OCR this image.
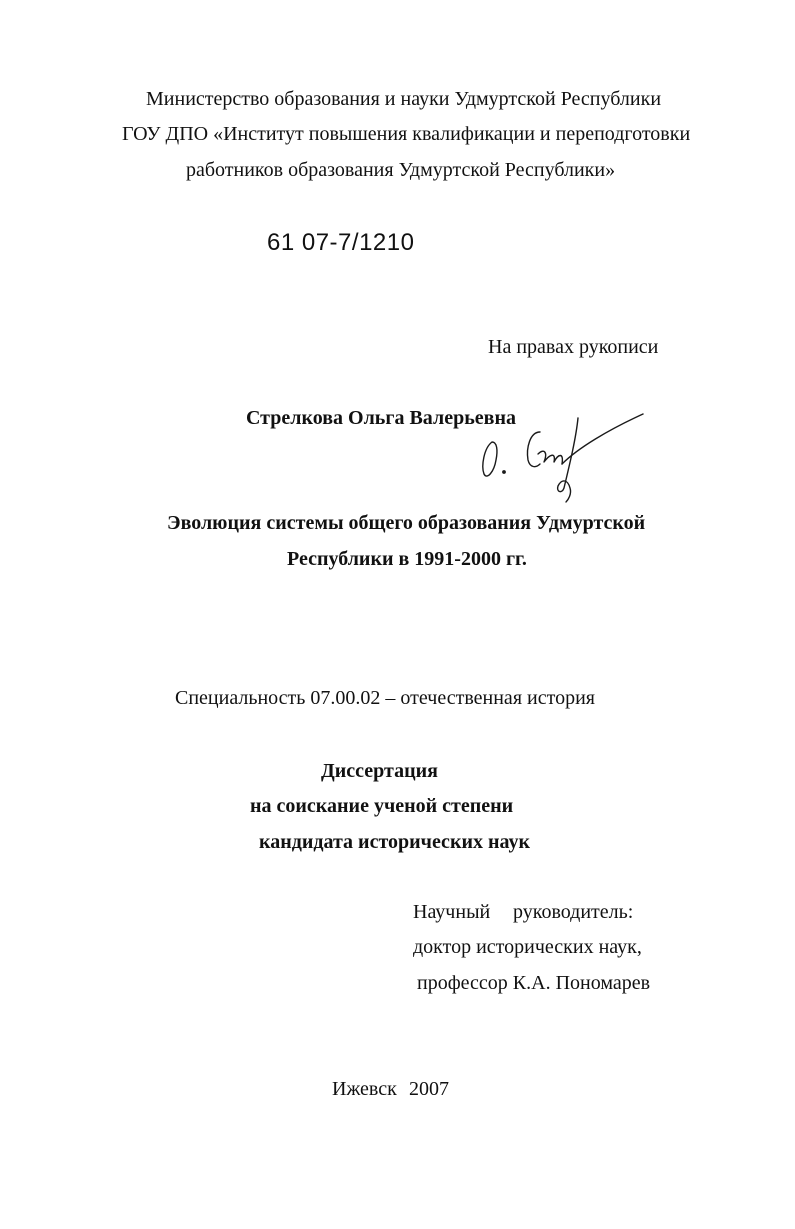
Министерство образования и науки Удмуртской Республики
ГОУ ДПО «Институт повышения квалификации и переподготовки
работников образования Удмуртской Республики»
61 07-7/1210
На правах рукописи
Стрелкова Ольга Валерьевна
Эволюция системы общего образования Удмуртской
Республики в 1991-2000 гг.
Специальность 07.00.02 – отечественная история
Диссертация
на соискание ученой степени
кандидата исторических наук
Научный руководитель:
доктор исторических наук,
профессор К.А. Пономарев
Ижевск 2007
